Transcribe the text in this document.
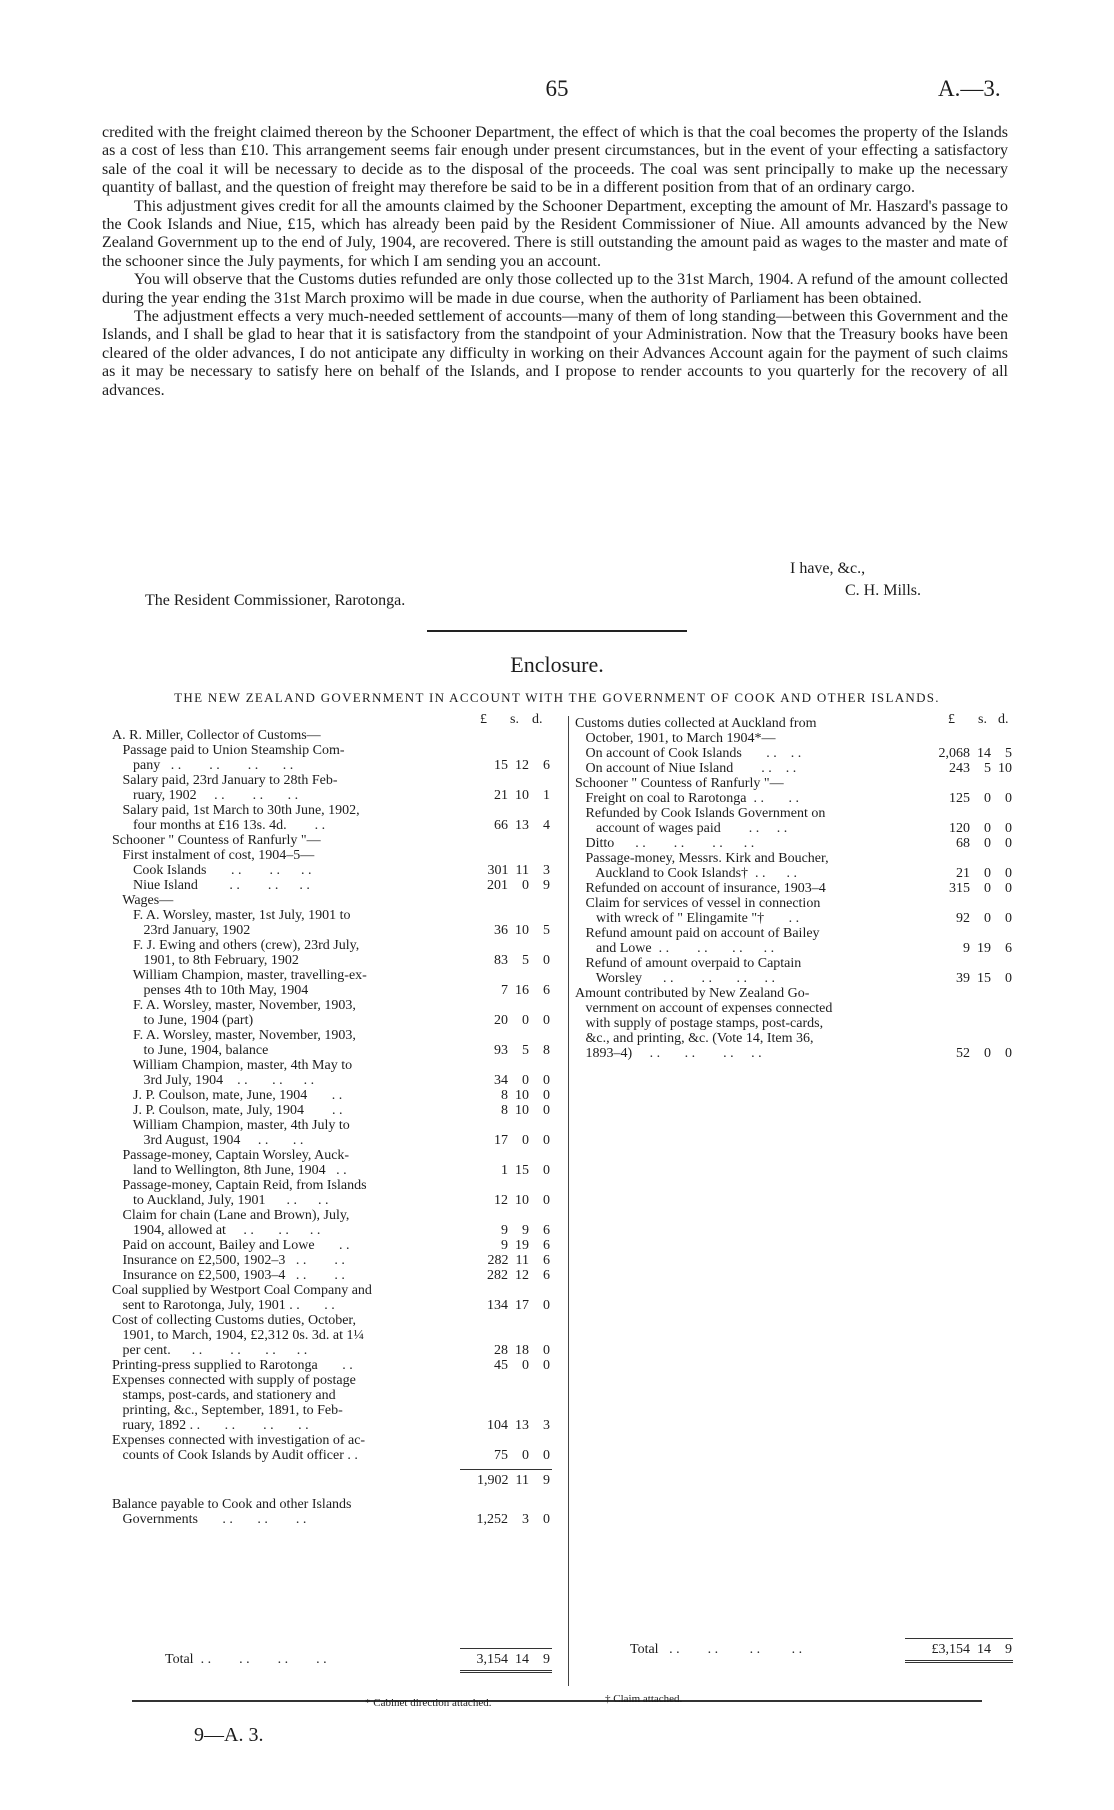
65	A.—3.

credited with the freight claimed thereon by the Schooner Department, the effect of which is that the coal becomes the property of the Islands as a cost of less than £10. This arrangement seems fair enough under present circumstances, but in the event of your effecting a satisfactory sale of the coal it will be necessary to decide as to the disposal of the proceeds. The coal was sent principally to make up the necessary quantity of ballast, and the question of freight may therefore be said to be in a different position from that of an ordinary cargo.

This adjustment gives credit for all the amounts claimed by the Schooner Department, excepting the amount of Mr. Haszard's passage to the Cook Islands and Niue, £15, which has already been paid by the Resident Commissioner of Niue. All amounts advanced by the New Zealand Government up to the end of July, 1904, are recovered. There is still outstanding the amount paid as wages to the master and mate of the schooner since the July payments, for which I am sending you an account.

You will observe that the Customs duties refunded are only those collected up to the 31st March, 1904. A refund of the amount collected during the year ending the 31st March proximo will be made in due course, when the authority of Parliament has been obtained.

The adjustment effects a very much-needed settlement of accounts—many of them of long standing—between this Government and the Islands, and I shall be glad to hear that it is satisfactory from the standpoint of your Administration. Now that the Treasury books have been cleared of the older advances, I do not anticipate any difficulty in working on their Advances Account again for the payment of such claims as it may be necessary to satisfy here on behalf of the Islands, and I propose to render accounts to you quarterly for the recovery of all advances.

I have, &c.,
C. H. Mills.
The Resident Commissioner, Rarotonga.
Enclosure.
THE NEW ZEALAND GOVERNMENT IN ACCOUNT WITH THE GOVERNMENT OF COOK AND OTHER ISLANDS.
£ s. d.	£ s. d.
A. R. Miller, Collector of Customs—
Passage paid to Union Steamship Com-
pany   . .        . .        . .       . .	15  12    6
Salary paid, 23rd January to 28th Feb-
ruary, 1902     . .        . .       . .	21  10    1
Salary paid, 1st March to 30th June, 1902,
four months at £16 13s. 4d.        . .	66  13    4
Schooner " Countess of Ranfurly "—
First instalment of cost, 1904–5—
Cook Islands       . .        . .      . .	301  11    3
Niue Island         . .        . .      . .	201    0    9
Wages—
F. A. Worsley, master, 1st July, 1901 to
23rd January, 1902	36  10    5
F. J. Ewing and others (crew), 23rd July,
1901, to 8th February, 1902	83    5    0
William Champion, master, travelling-ex-
penses 4th to 10th May, 1904	7  16    6
F. A. Worsley, master, November, 1903,
to June, 1904 (part)	20    0    0
F. A. Worsley, master, November, 1903,
to June, 1904, balance	93    5    8
William Champion, master, 4th May to
3rd July, 1904    . .       . .      . .	34    0    0
J. P. Coulson, mate, June, 1904       . .	8  10    0
J. P. Coulson, mate, July, 1904        . .	8  10    0
William Champion, master, 4th July to
3rd August, 1904     . .       . .	17    0    0
Passage-money, Captain Worsley, Auck-
land to Wellington, 8th June, 1904   . .	1  15    0
Passage-money, Captain Reid, from Islands
to Auckland, July, 1901      . .      . .	12  10    0
Claim for chain (Lane and Brown), July,
1904, allowed at     . .       . .      . .	9    9    6
Paid on account, Bailey and Lowe       . .	9  19    6
Insurance on £2,500, 1902–3   . .        . .	282  11    6
Insurance on £2,500, 1903–4   . .        . .	282  12    6
Coal supplied by Westport Coal Company and
sent to Rarotonga, July, 1901 . .       . .	134  17    0
Cost of collecting Customs duties, October,
1901, to March, 1904, £2,312 0s. 3d. at 1¼
per cent.      . .        . .       . .      . .	28  18    0
Printing-press supplied to Rarotonga       . .	45    0    0
Expenses connected with supply of postage
stamps, post-cards, and stationery and
printing, &c., September, 1891, to Feb-
ruary, 1892 . .       . .        . .       . .	104  13    3
Expenses connected with investigation of ac-
counts of Cook Islands by Audit officer . .	75    0    0
Customs duties collected at Auckland from
October, 1901, to March 1904*—
On account of Cook Islands       . .    . .	2,068  14    5
On account of Niue Island        . .    . .	243    5  10
Schooner " Countess of Ranfurly "—
Freight on coal to Rarotonga  . .       . .	125    0    0
Refunded by Cook Islands Government on
account of wages paid        . .     . .	120    0    0
Ditto      . .        . .        . .      . .	68    0    0
Passage-money, Messrs. Kirk and Boucher,
Auckland to Cook Islands†  . .      . .	21    0    0
Refunded on account of insurance, 1903–4	315    0    0
Claim for services of vessel in connection
with wreck of " Elingamite "†       . .	92    0    0
Refund amount paid on account of Bailey
and Lowe  . .        . .       . .      . .	9  19    6
Refund of amount overpaid to Captain
Worsley      . .        . .       . .     . .	39  15    0
Amount contributed by New Zealand Go-
vernment on account of expenses connected
with supply of postage stamps, post-cards,
&c., and printing, &c. (Vote 14, Item 36,
1893–4)     . .       . .        . .     . .	52    0    0
1,902  11    9
Balance payable to Cook and other Islands
Governments       . .       . .        . .	1,252    3    0
Total  . .        . .        . .        . .	3,154  14    9
Total   . .        . .         . .         . .	£3,154  14    9
* Cabinet direction attached.	† Claim attached.
9—A. 3.
